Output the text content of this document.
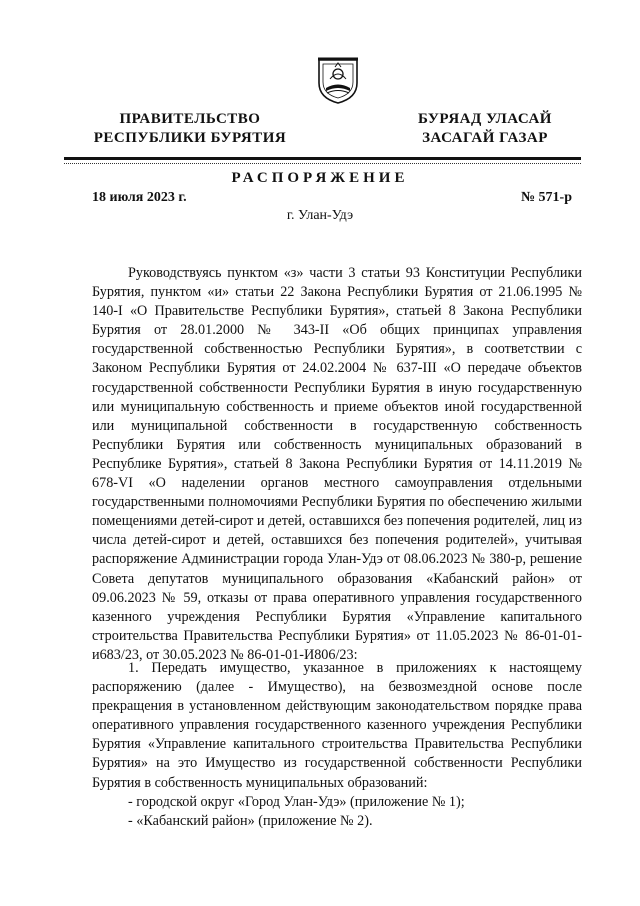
ПРАВИТЕЛЬСТВО
РЕСПУБЛИКИ БУРЯТИЯ
БУРЯАД УЛАСАЙ
ЗАСАГАЙ ГАЗАР
РАСПОРЯЖЕНИЕ
18 июля 2023 г.	№ 571-р
г. Улан-Удэ
Руководствуясь пунктом «з» части 3 статьи 93 Конституции Республики Бурятия, пунктом «и» статьи 22 Закона Республики Бурятия от 21.06.1995 № 140-I «О Правительстве Республики Бурятия», статьей 8 Закона Республики Бурятия от 28.01.2000 № 343-II «Об общих принципах управления государственной собственностью Республики Бурятия», в соответствии с Законом Республики Бурятия от 24.02.2004 № 637-III «О передаче объектов государственной собственности Республики Бурятия в иную государственную или муниципальную собственность и приеме объектов иной государственной или муниципальной собственности в государственную собственность Республики Бурятия или собственность муниципальных образований в Республике Бурятия», статьей 8 Закона Республики Бурятия от 14.11.2019 № 678-VI «О наделении органов местного самоуправления отдельными государственными полномочиями Республики Бурятия по обеспечению жилыми помещениями детей-сирот и детей, оставшихся без попечения родителей, лиц из числа детей-сирот и детей, оставшихся без попечения родителей», учитывая распоряжение Администрации города Улан-Удэ от 08.06.2023 № 380-р, решение Совета депутатов муниципального образования «Кабанский район» от 09.06.2023 № 59, отказы от права оперативного управления государственного казенного учреждения Республики Бурятия «Управление капитального строительства Правительства Республики Бурятия» от 11.05.2023 № 86-01-01-и683/23, от 30.05.2023 № 86-01-01-И806/23:
1. Передать имущество, указанное в приложениях к настоящему распоряжению (далее - Имущество), на безвозмездной основе после прекращения в установленном действующим законодательством порядке права оперативного управления государственного казенного учреждения Республики Бурятия «Управление капитального строительства Правительства Республики Бурятия» на это Имущество из государственной собственности Республики Бурятия в собственность муниципальных образований:
- городской округ «Город Улан-Удэ» (приложение № 1);
- «Кабанский район» (приложение № 2).
